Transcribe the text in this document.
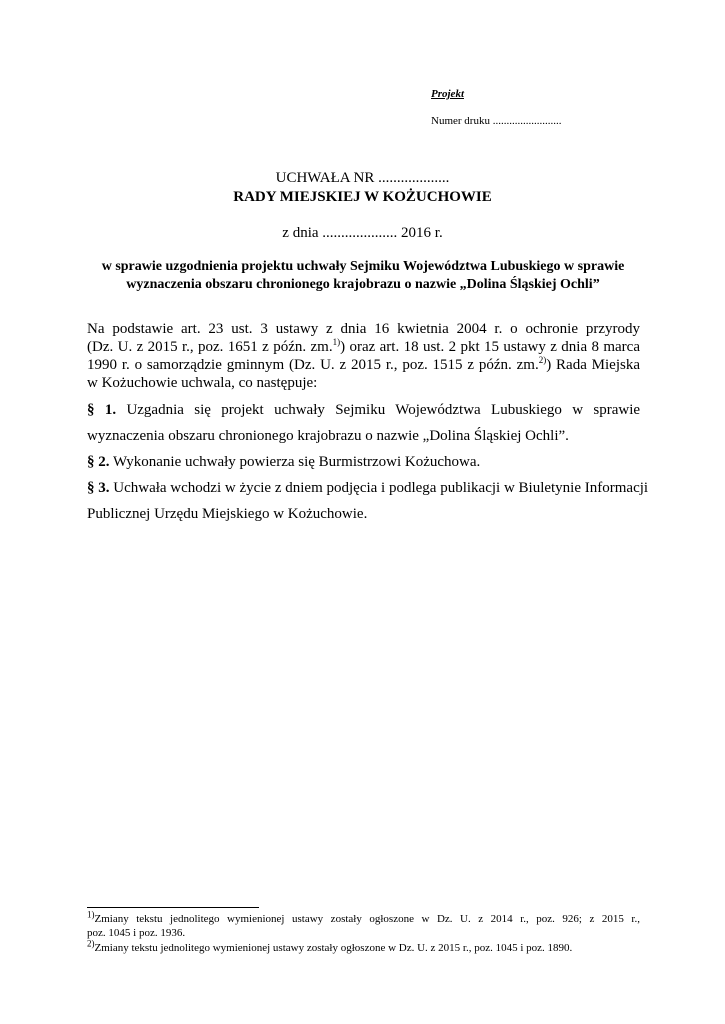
Projekt
Numer druku .........................
UCHWAŁA NR ...................
RADY MIEJSKIEJ W KOŻUCHOWIE
z dnia .................... 2016 r.
w sprawie uzgodnienia projektu uchwały Sejmiku Województwa Lubuskiego w sprawie
wyznaczenia obszaru chronionego krajobrazu o nazwie „Dolina Śląskiej Ochli”
Na podstawie art. 23 ust. 3 ustawy z dnia 16 kwietnia 2004 r. o ochronie przyrody
(Dz. U. z 2015 r., poz. 1651 z późn. zm.$^{1)}$) oraz art. 18 ust. 2 pkt 15 ustawy z dnia 8 marca
1990 r. o samorządzie gminnym (Dz. U. z 2015 r., poz. 1515 z późn. zm.$^{2)}$) Rada Miejska
w Kożuchowie uchwala, co następuje:
§ 1. Uzgadnia się projekt uchwały Sejmiku Województwa Lubuskiego w sprawie
wyznaczenia obszaru chronionego krajobrazu o nazwie „Dolina Śląskiej Ochli”.
§ 2. Wykonanie uchwały powierza się Burmistrzowi Kożuchowa.
§ 3. Uchwała wchodzi w życie z dniem podjęcia i podlega publikacji w Biuletynie Informacji
Publicznej Urzędu Miejskiego w Kożuchowie.
$^{1)}$Zmiany tekstu jednolitego wymienionej ustawy zostały ogłoszone w Dz. U. z 2014 r., poz. 926; z 2015 r.,
poz. 1045 i poz. 1936.
$^{2)}$Zmiany tekstu jednolitego wymienionej ustawy zostały ogłoszone w Dz. U. z 2015 r., poz. 1045 i poz. 1890.
